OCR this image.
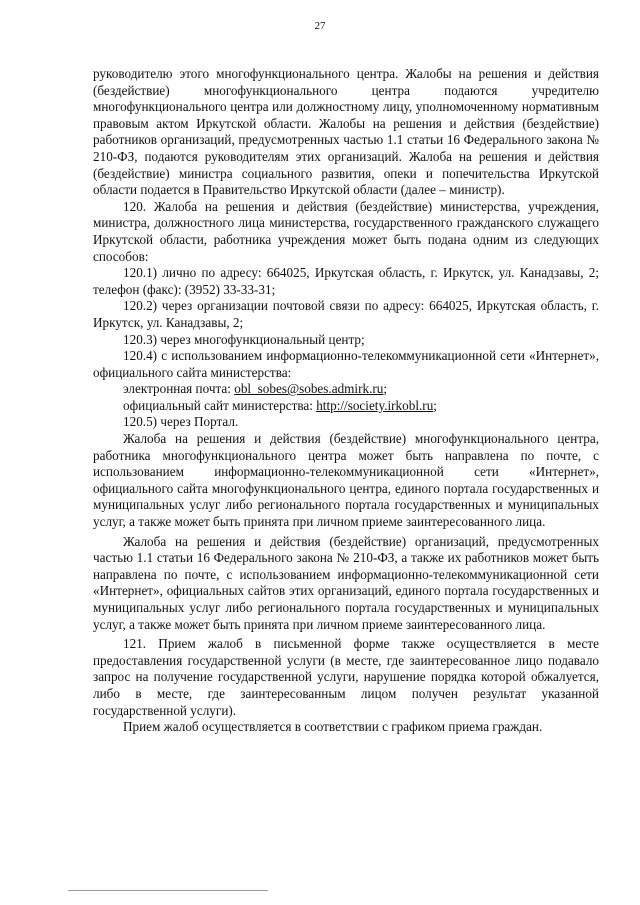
27

руководителю этого многофункционального центра. Жалобы на решения и действия (бездействие) многофункционального центра подаются учредителю многофункционального центра или должностному лицу, уполномоченному нормативным правовым актом Иркутской области. Жалобы на решения и действия (бездействие) работников организаций, предусмотренных частью 1.1 статьи 16 Федерального закона № 210-ФЗ, подаются руководителям этих организаций. Жалоба на решения и действия (бездействие) министра социального развития, опеки и попечительства Иркутской области подается в Правительство Иркутской области (далее – министр).

120. Жалоба на решения и действия (бездействие) министерства, учреждения, министра, должностного лица министерства, государственного гражданского служащего Иркутской области, работника учреждения может быть подана одним из следующих способов:

120.1) лично по адресу: 664025, Иркутская область, г. Иркутск, ул. Канадзавы, 2; телефон (факс): (3952) 33-33-31;

120.2) через организации почтовой связи по адресу: 664025, Иркутская область, г. Иркутск, ул. Канадзавы, 2;

120.3) через многофункциональный центр;

120.4) с использованием информационно-телекоммуникационной сети «Интернет», официального сайта министерства:

электронная почта: obl_sobes@sobes.admirk.ru;

официальный сайт министерства: http://society.irkobl.ru;

120.5) через Портал.

Жалоба на решения и действия (бездействие) многофункционального центра, работника многофункционального центра может быть направлена по почте, с использованием информационно-телекоммуникационной сети «Интернет», официального сайта многофункционального центра, единого портала государственных и муниципальных услуг либо регионального портала государственных и муниципальных услуг, а также может быть принята при личном приеме заинтересованного лица.

Жалоба на решения и действия (бездействие) организаций, предусмотренных частью 1.1 статьи 16 Федерального закона № 210-ФЗ, а также их работников может быть направлена по почте, с использованием информационно-телекоммуникационной сети «Интернет», официальных сайтов этих организаций, единого портала государственных и муниципальных услуг либо регионального портала государственных и муниципальных услуг, а также может быть принята при личном приеме заинтересованного лица.

121. Прием жалоб в письменной форме также осуществляется в месте предоставления государственной услуги (в месте, где заинтересованное лицо подавало запрос на получение государственной услуги, нарушение порядка которой обжалуется, либо в месте, где заинтересованным лицом получен результат указанной государственной услуги).

Прием жалоб осуществляется в соответствии с графиком приема граждан.
